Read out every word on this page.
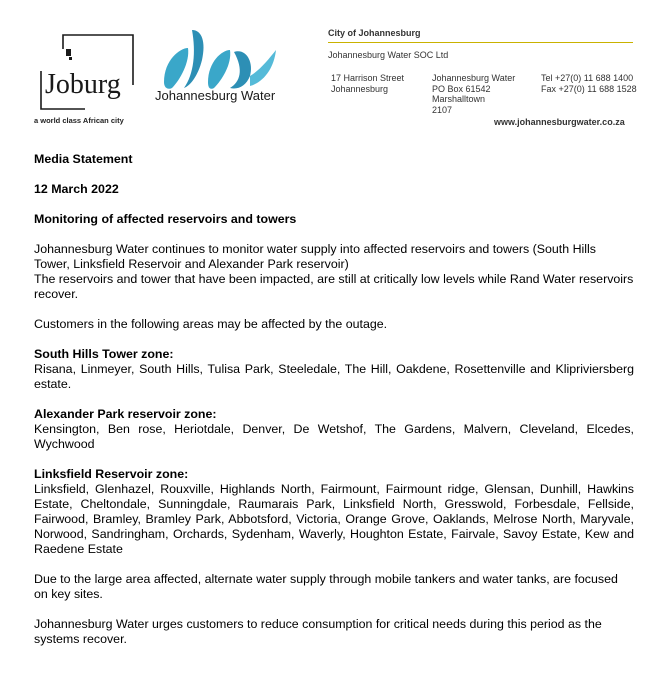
Joburg
a world class African city
Johannesburg Water
City of Johannesburg
Johannesburg Water SOC Ltd
17 Harrison Street
Johannesburg
Johannesburg Water
PO Box 61542
Marshalltown
2107
Tel +27(0) 11 688 1400
Fax +27(0) 11 688 1528
www.johannesburgwater.co.za

Media Statement

12 March 2022

Monitoring of affected reservoirs and towers

Johannesburg Water continues to monitor water supply into affected reservoirs and towers (South Hills Tower, Linksfield Reservoir and Alexander Park reservoir)

The reservoirs and tower that have been impacted, are still at critically low levels while Rand Water reservoirs recover.

Customers in the following areas may be affected by the outage.

South Hills Tower zone:

Risana, Linmeyer, South Hills, Tulisa Park, Steeledale, The Hill, Oakdene, Rosettenville and Klipriviersberg estate.

Alexander Park reservoir zone:

Kensington, Ben rose, Heriotdale, Denver, De Wetshof, The Gardens, Malvern, Cleveland, Elcedes, Wychwood

Linksfield Reservoir zone:

Linksfield, Glenhazel, Rouxville, Highlands North, Fairmount, Fairmount ridge, Glensan, Dunhill, Hawkins Estate, Cheltondale, Sunningdale, Raumarais Park, Linksfield North, Gresswold, Forbesdale, Fellside, Fairwood, Bramley, Bramley Park, Abbotsford, Victoria, Orange Grove, Oaklands, Melrose North, Maryvale, Norwood, Sandringham, Orchards, Sydenham, Waverly, Houghton Estate, Fairvale, Savoy Estate, Kew and Raedene Estate

Due to the large area affected, alternate water supply through mobile tankers and water tanks, are focused on key sites.

Johannesburg Water urges customers to reduce consumption for critical needs during this period as the systems recover.
